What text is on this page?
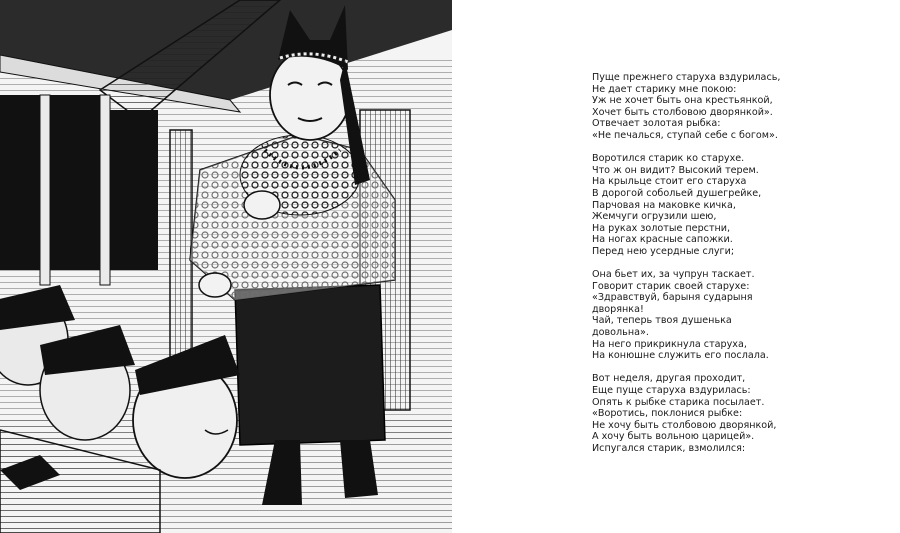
Пуще прежнего старуха вздурилась,
Не дает старику мне покою:
Уж не хочет быть она крестьянкой,
Хочет быть столбовою дворянкой».
Отвечает золотая рыбка:
«Не печалься, ступай себе с богом».
Воротился старик ко старухе.
Что ж он видит? Высокий терем.
На крыльце стоит его старуха
В дорогой собольей душегрейке,
Парчовая на маковке кичка,
Жемчуги огрузили шею,
На руках золотые перстни,
На ногах красные сапожки.
Перед нею усердные слуги;
Она бьет их, за чупрун таскает.
Говорит старик своей старухе:
«Здравствуй, барыня сударыня
дворянка!
Чай, теперь твоя душенька
довольна».
На него прикрикнула старуха,
На конюшне служить его послала.
Вот неделя, другая проходит,
Еще пуще старуха вздурилась:
Опять к рыбке старика посылает.
«Воротись, поклонися рыбке:
Не хочу быть столбовою дворянкой,
А хочу быть вольною царицей».
Испугался старик, взмолился:
